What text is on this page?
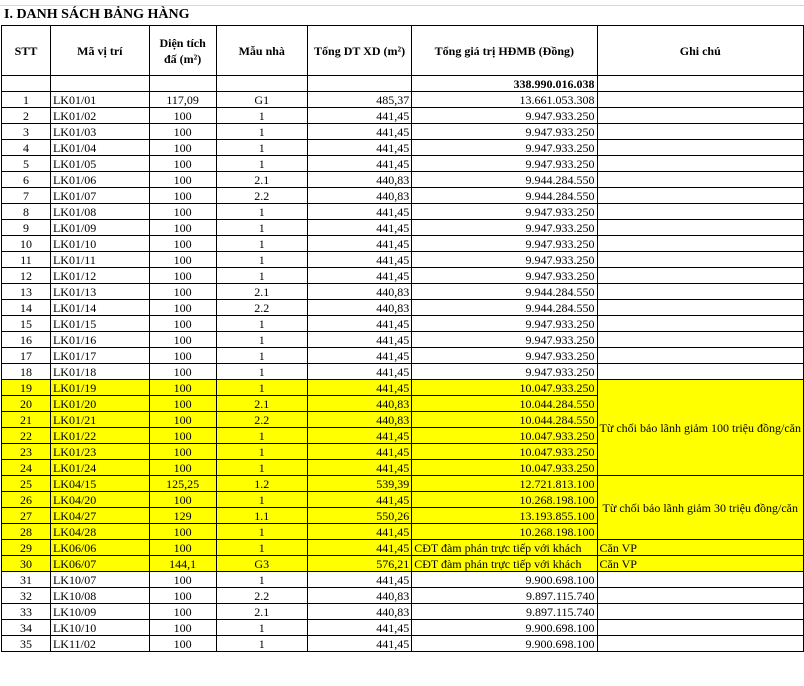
I. DANH SÁCH BẢNG HÀNG
STT	Mã vị trí	Diện tích đấ (m²)	Mẫu nhà	Tổng DT XD (m²)	Tổng giá trị HĐMB (Đồng)	Ghi chú
					338.990.016.038	
1	LK01/01	117,09	G1	485,37	13.661.053.308	
2	LK01/02	100	1	441,45	9.947.933.250	
3	LK01/03	100	1	441,45	9.947.933.250	
4	LK01/04	100	1	441,45	9.947.933.250	
5	LK01/05	100	1	441,45	9.947.933.250	
6	LK01/06	100	2.1	440,83	9.944.284.550	
7	LK01/07	100	2.2	440,83	9.944.284.550	
8	LK01/08	100	1	441,45	9.947.933.250	
9	LK01/09	100	1	441,45	9.947.933.250	
10	LK01/10	100	1	441,45	9.947.933.250	
11	LK01/11	100	1	441,45	9.947.933.250	
12	LK01/12	100	1	441,45	9.947.933.250	
13	LK01/13	100	2.1	440,83	9.944.284.550	
14	LK01/14	100	2.2	440,83	9.944.284.550	
15	LK01/15	100	1	441,45	9.947.933.250	
16	LK01/16	100	1	441,45	9.947.933.250	
17	LK01/17	100	1	441,45	9.947.933.250	
18	LK01/18	100	1	441,45	9.947.933.250	
19	LK01/19	100	1	441,45	10.047.933.250	Từ chối bảo lãnh giảm 100 triệu đồng/căn
20	LK01/20	100	2.1	440,83	10.044.284.550	
21	LK01/21	100	2.2	440,83	10.044.284.550	
22	LK01/22	100	1	441,45	10.047.933.250	
23	LK01/23	100	1	441,45	10.047.933.250	
24	LK01/24	100	1	441,45	10.047.933.250	
25	LK04/15	125,25	1.2	539,39	12.721.813.100	Từ chối bảo lãnh giảm 30 triệu đồng/căn
26	LK04/20	100	1	441,45	10.268.198.100	
27	LK04/27	129	1.1	550,26	13.193.855.100	
28	LK04/28	100	1	441,45	10.268.198.100	
29	LK06/06	100	1	441,45	CĐT đàm phán trực tiếp với khách	Căn VP
30	LK06/07	144,1	G3	576,21	CĐT đàm phán trực tiếp với khách	Căn VP
31	LK10/07	100	1	441,45	9.900.698.100	
32	LK10/08	100	2.2	440,83	9.897.115.740	
33	LK10/09	100	2.1	440,83	9.897.115.740	
34	LK10/10	100	1	441,45	9.900.698.100	
35	LK11/02	100	1	441,45	9.900.698.100	
